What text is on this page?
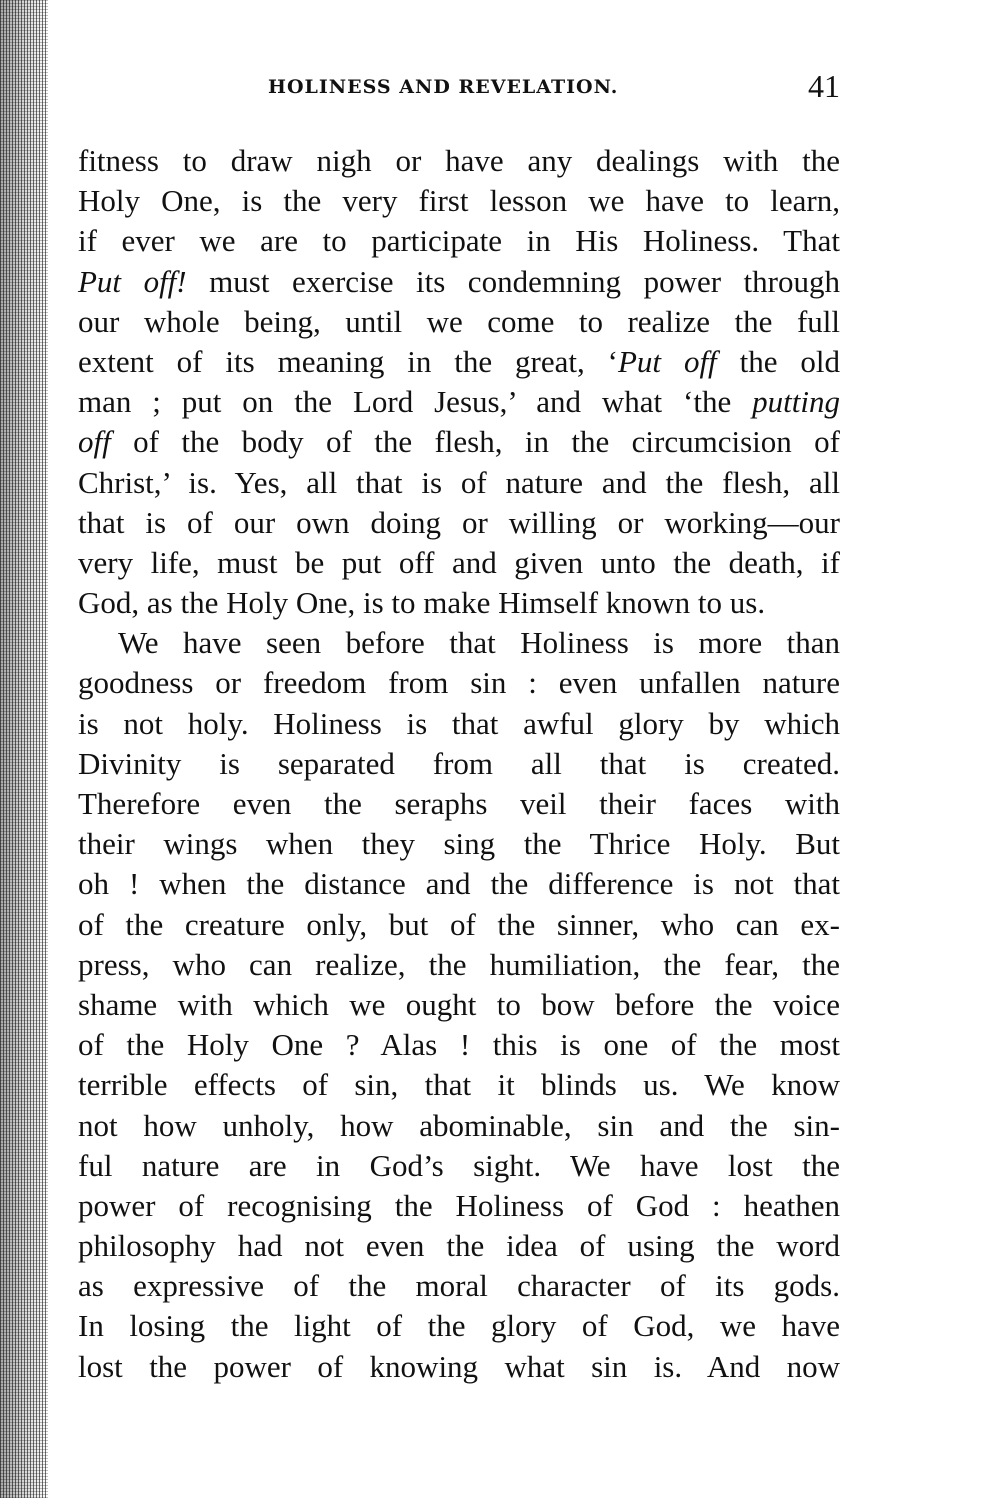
HOLINESS AND REVELATION.	41
fitness to draw nigh or have any dealings with the
Holy One, is the very first lesson we have to learn,
if ever we are to participate in His Holiness. That
Put off! must exercise its condemning power through
our whole being, until we come to realize the full
extent of its meaning in the great, ‘Put off the old
man ; put on the Lord Jesus,’ and what ‘the putting
off of the body of the flesh, in the circumcision of
Christ,’ is. Yes, all that is of nature and the flesh, all
that is of our own doing or willing or working—our
very life, must be put off and given unto the death, if
God, as the Holy One, is to make Himself known to us.
We have seen before that Holiness is more than
goodness or freedom from sin : even unfallen nature
is not holy. Holiness is that awful glory by which
Divinity is separated from all that is created.
Therefore even the seraphs veil their faces with
their wings when they sing the Thrice Holy. But
oh ! when the distance and the difference is not that
of the creature only, but of the sinner, who can ex-
press, who can realize, the humiliation, the fear, the
shame with which we ought to bow before the voice
of the Holy One ? Alas ! this is one of the most
terrible effects of sin, that it blinds us. We know
not how unholy, how abominable, sin and the sin-
ful nature are in God’s sight. We have lost the
power of recognising the Holiness of God : heathen
philosophy had not even the idea of using the word
as expressive of the moral character of its gods.
In losing the light of the glory of God, we have
lost the power of knowing what sin is. And now
